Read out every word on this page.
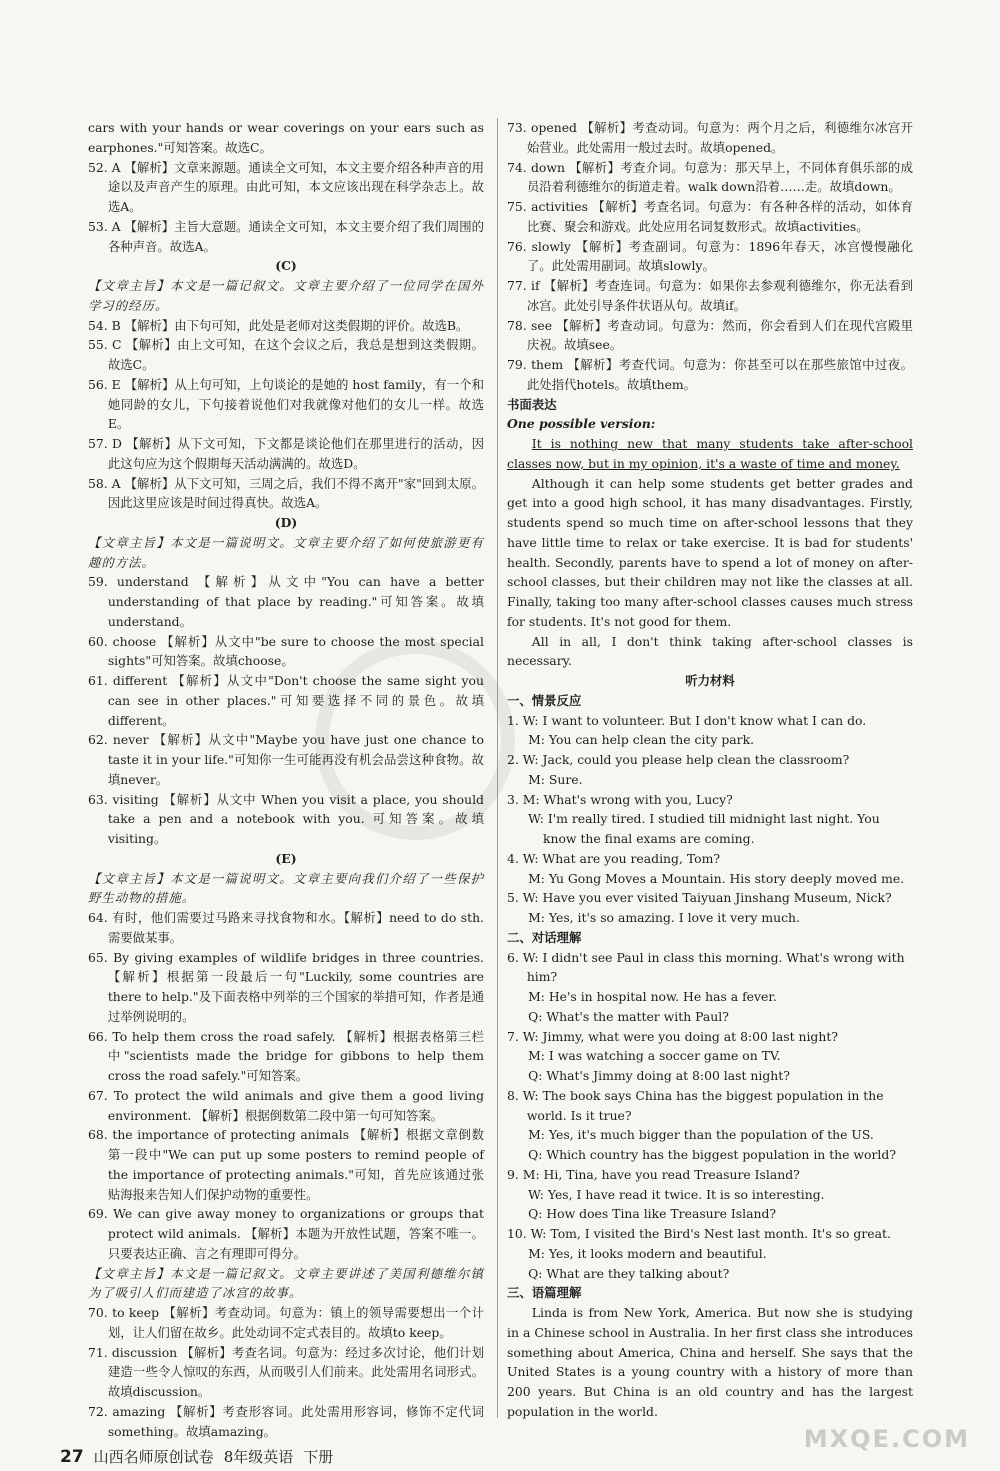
cars with your hands or wear coverings on your ears such as earphones."可知答案。故选C。
52. A 【解析】文章来源题。通读全文可知，本文主要介绍各种声音的用途以及声音产生的原理。由此可知，本文应该出现在科学杂志上。故选A。
53. A 【解析】主旨大意题。通读全文可知，本文主要介绍了我们周围的各种声音。故选A。
(C)
【文章主旨】本文是一篇记叙文。文章主要介绍了一位同学在国外学习的经历。
54. B 【解析】由下句可知，此处是老师对这类假期的评价。故选B。
55. C 【解析】由上文可知，在这个会议之后，我总是想到这类假期。故选C。
56. E 【解析】从上句可知，上句谈论的是她的 host family，有一个和她同龄的女儿，下句接着说他们对我就像对他们的女儿一样。故选E。
57. D 【解析】从下文可知，下文都是谈论他们在那里进行的活动，因此这句应为这个假期每天活动满满的。故选D。
58. A 【解析】从下文可知，三周之后，我们不得不离开"家"回到太原。因此这里应该是时间过得真快。故选A。
(D)
【文章主旨】本文是一篇说明文。文章主要介绍了如何使旅游更有趣的方法。
59. understand 【解析】从文中"You can have a better understanding of that place by reading."可知答案。故填understand。
60. choose 【解析】从文中"be sure to choose the most special sights"可知答案。故填choose。
61. different 【解析】从文中"Don't choose the same sight you can see in other places."可知要选择不同的景色。故填different。
62. never 【解析】从文中"Maybe you have just one chance to taste it in your life."可知你一生可能再没有机会品尝这种食物。故填never。
63. visiting 【解析】从文中 When you visit a place, you should take a pen and a notebook with you. 可知答案。故填visiting。
(E)
【文章主旨】本文是一篇说明文。文章主要向我们介绍了一些保护野生动物的措施。
64. 有时，他们需要过马路来寻找食物和水。【解析】need to do sth. 需要做某事。
65. By giving examples of wildlife bridges in three countries. 【解析】根据第一段最后一句"Luckily, some countries are there to help."及下面表格中列举的三个国家的举措可知，作者是通过举例说明的。
66. To help them cross the road safely. 【解析】根据表格第三栏中"scientists made the bridge for gibbons to help them cross the road safely."可知答案。
67. To protect the wild animals and give them a good living environment. 【解析】根据倒数第二段中第一句可知答案。
68. the importance of protecting animals 【解析】根据文章倒数第一段中"We can put up some posters to remind people of the importance of protecting animals."可知，首先应该通过张贴海报来告知人们保护动物的重要性。
69. We can give away money to organizations or groups that protect wild animals. 【解析】本题为开放性试题，答案不唯一。只要表达正确、言之有理即可得分。
【文章主旨】本文是一篇记叙文。文章主要讲述了美国利德维尔镇为了吸引人们而建造了冰宫的故事。
70. to keep 【解析】考查动词。句意为：镇上的领导需要想出一个计划，让人们留在故乡。此处动词不定式表目的。故填to keep。
71. discussion 【解析】考查名词。句意为：经过多次讨论，他们计划建造一些令人惊叹的东西，从而吸引人们前来。此处需用名词形式。故填discussion。
72. amazing 【解析】考查形容词。此处需用形容词，修饰不定代词something。故填amazing。
73. opened 【解析】考查动词。句意为：两个月之后，利德维尔冰宫开始营业。此处需用一般过去时。故填opened。
74. down 【解析】考查介词。句意为：那天早上，不同体育俱乐部的成员沿着利德维尔的街道走着。walk down沿着……走。故填down。
75. activities 【解析】考查名词。句意为：有各种各样的活动，如体育比赛、聚会和游戏。此处应用名词复数形式。故填activities。
76. slowly 【解析】考查副词。句意为：1896年春天，冰宫慢慢融化了。此处需用副词。故填slowly。
77. if 【解析】考查连词。句意为：如果你去参观利德维尔，你无法看到冰宫。此处引导条件状语从句。故填if。
78. see 【解析】考查动词。句意为：然而，你会看到人们在现代宫殿里庆祝。故填see。
79. them 【解析】考查代词。句意为：你甚至可以在那些旅馆中过夜。此处指代hotels。故填them。
书面表达
One possible version:
It is nothing new that many students take after-school classes now, but in my opinion, it's a waste of time and money.
Although it can help some students get better grades and get into a good high school, it has many disadvantages. Firstly, students spend so much time on after-school lessons that they have little time to relax or take exercise. It is bad for students' health. Secondly, parents have to spend a lot of money on after-school classes, but their children may not like the classes at all. Finally, taking too many after-school classes causes much stress for students. It's not good for them.
All in all, I don't think taking after-school classes is necessary.
听力材料
一、情景反应
1. W: I want to volunteer. But I don't know what I can do.
M: You can help clean the city park.
2. W: Jack, could you please help clean the classroom?
M: Sure.
3. M: What's wrong with you, Lucy?
W: I'm really tired. I studied till midnight last night. You know the final exams are coming.
4. W: What are you reading, Tom?
M: Yu Gong Moves a Mountain. His story deeply moved me.
5. W: Have you ever visited Taiyuan Jinshang Museum, Nick?
M: Yes, it's so amazing. I love it very much.
二、对话理解
6. W: I didn't see Paul in class this morning. What's wrong with him?
M: He's in hospital now. He has a fever.
Q: What's the matter with Paul?
7. W: Jimmy, what were you doing at 8:00 last night?
M: I was watching a soccer game on TV.
Q: What's Jimmy doing at 8:00 last night?
8. W: The book says China has the biggest population in the world. Is it true?
M: Yes, it's much bigger than the population of the US.
Q: Which country has the biggest population in the world?
9. M: Hi, Tina, have you read Treasure Island?
W: Yes, I have read it twice. It is so interesting.
Q: How does Tina like Treasure Island?
10. W: Tom, I visited the Bird's Nest last month. It's so great.
M: Yes, it looks modern and beautiful.
Q: What are they talking about?
三、语篇理解
Linda is from New York, America. But now she is studying in a Chinese school in Australia. In her first class she introduces something about America, China and herself. She says that the United States is a young country with a history of more than 200 years. But China is an old country and has the largest population in the world.
27 山西名师原创试卷 8年级英语 下册
MXQE.COM
